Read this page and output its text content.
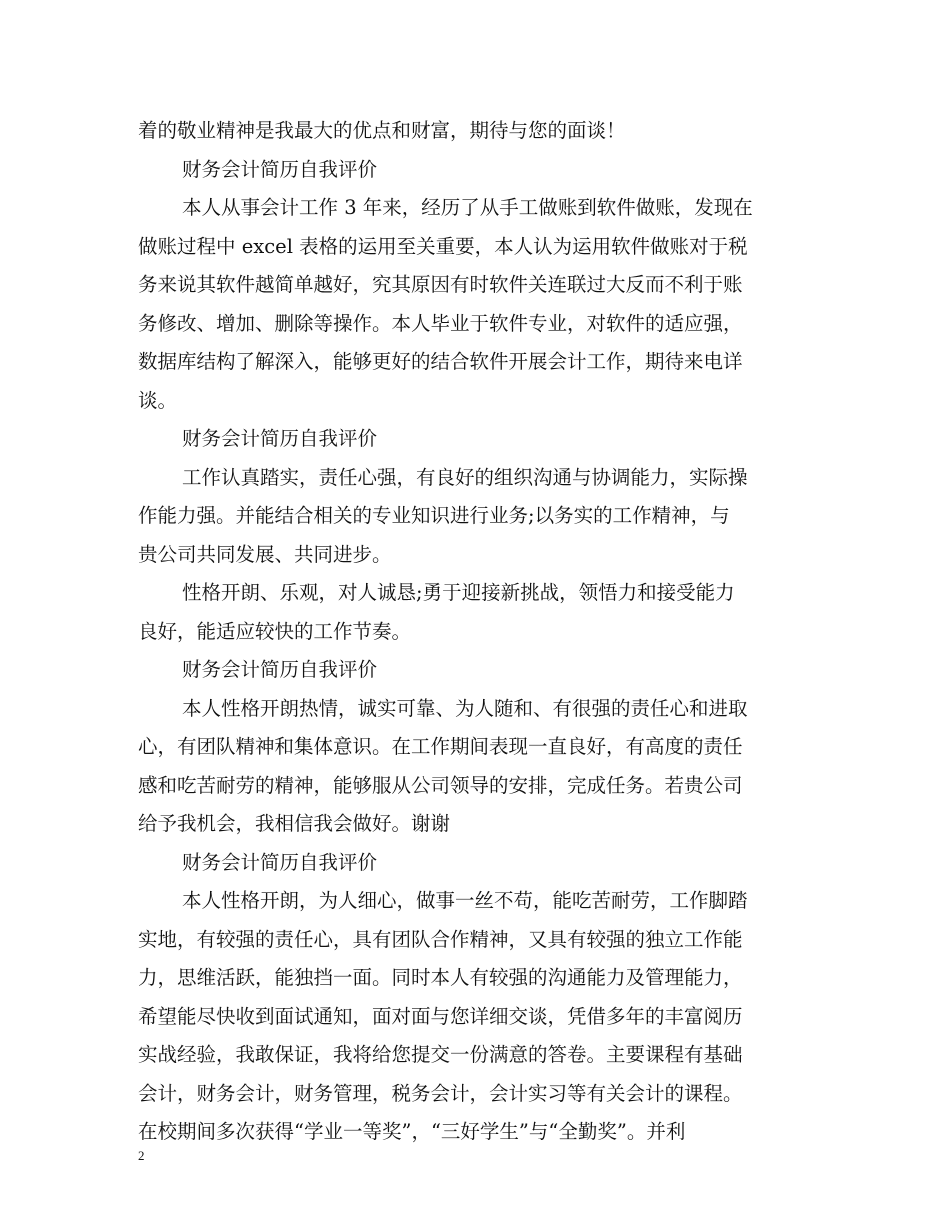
着的敬业精神是我最大的优点和财富，期待与您的面谈！
财务会计简历自我评价
本人从事会计工作 3 年来，经历了从手工做账到软件做账，发现在
做账过程中 excel 表格的运用至关重要，本人认为运用软件做账对于税
务来说其软件越简单越好，究其原因有时软件关连联过大反而不利于账
务修改、增加、删除等操作。本人毕业于软件专业，对软件的适应强，
数据库结构了解深入，能够更好的结合软件开展会计工作，期待来电详
谈。
财务会计简历自我评价
工作认真踏实，责任心强，有良好的组织沟通与协调能力，实际操
作能力强。并能结合相关的专业知识进行业务;以务实的工作精神，与
贵公司共同发展、共同进步。
性格开朗、乐观，对人诚恳;勇于迎接新挑战，领悟力和接受能力
良好，能适应较快的工作节奏。
财务会计简历自我评价
本人性格开朗热情，诚实可靠、为人随和、有很强的责任心和进取
心，有团队精神和集体意识。在工作期间表现一直良好，有高度的责任
感和吃苦耐劳的精神，能够服从公司领导的安排，完成任务。若贵公司
给予我机会，我相信我会做好。谢谢
财务会计简历自我评价
本人性格开朗，为人细心，做事一丝不苟，能吃苦耐劳，工作脚踏
实地，有较强的责任心，具有团队合作精神，又具有较强的独立工作能
力，思维活跃，能独挡一面。同时本人有较强的沟通能力及管理能力，
希望能尽快收到面试通知，面对面与您详细交谈，凭借多年的丰富阅历
实战经验，我敢保证，我将给您提交一份满意的答卷。主要课程有基础
会计，财务会计，财务管理，税务会计，会计实习等有关会计的课程。
在校期间多次获得“学业一等奖”，“三好学生”与“全勤奖”。并利
2
